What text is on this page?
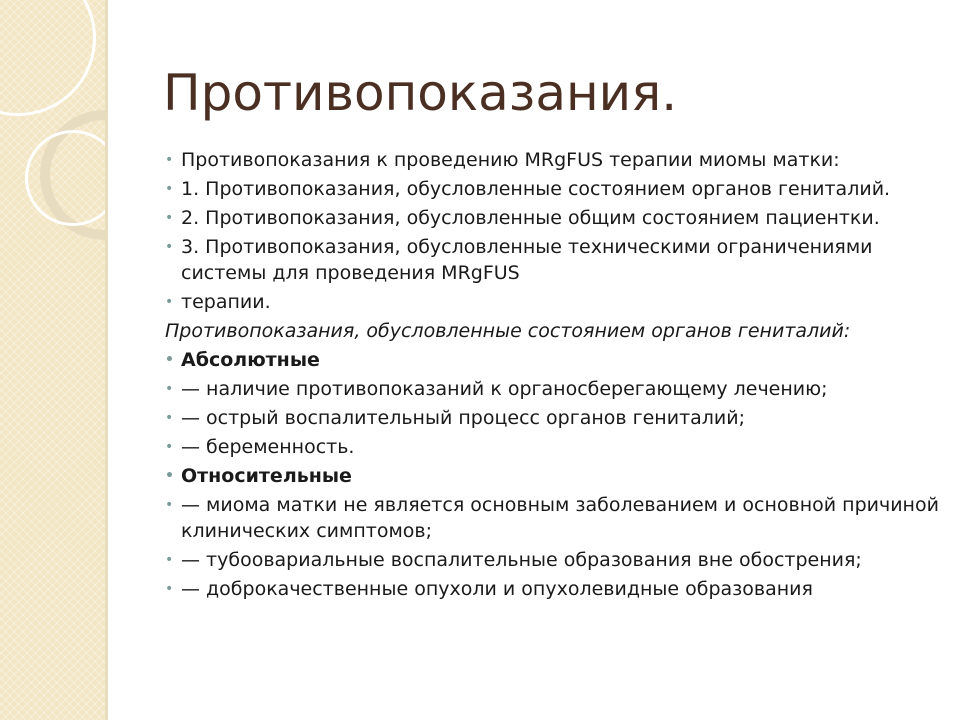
Противопоказания.
• Противопоказания к проведению MRgFUS терапии миомы матки:
• 1. Противопоказания, обусловленные состоянием органов гениталий.
• 2. Противопоказания, обусловленные общим состоянием пациентки.
• 3. Противопоказания, обусловленные техническими ограничениями системы для проведения MRgFUS
• терапии.
Противопоказания, обусловленные состоянием органов гениталий:
• Абсолютные
• — наличие противопоказаний к органосберегающему лечению;
• — острый воспалительный процесс органов гениталий;
• — беременность.
• Относительные
• — миома матки не является основным заболеванием и основной причиной клинических симптомов;
• — тубоовариальные воспалительные образования вне обострения;
• — доброкачественные опухоли и опухолевидные образования
